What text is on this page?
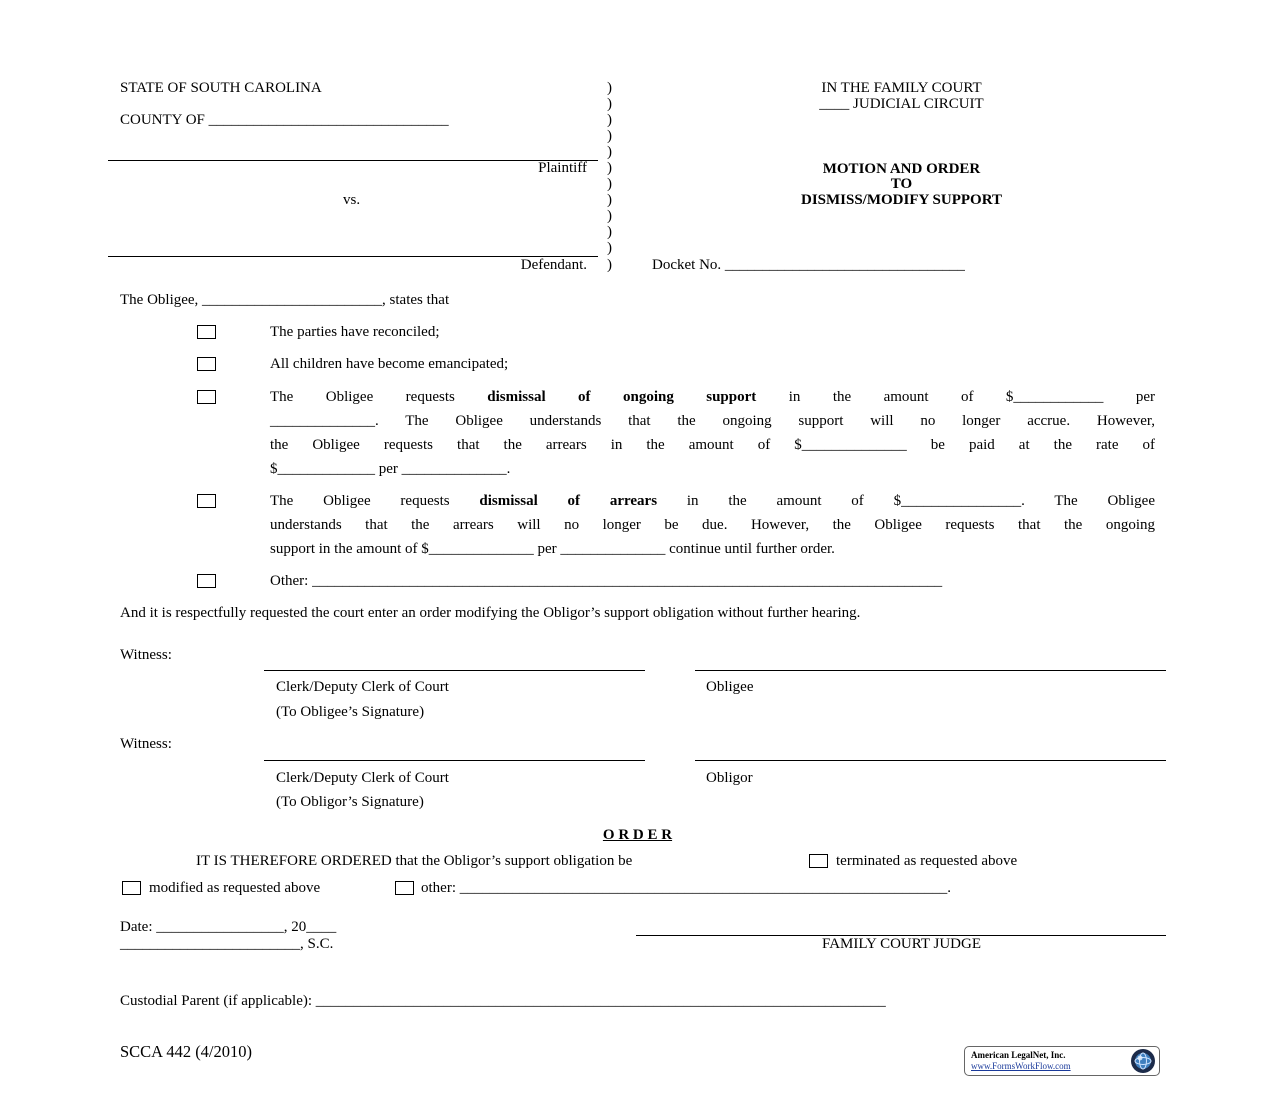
STATE OF SOUTH CAROLINA
COUNTY OF ________________________________
Plaintiff
vs.
Defendant.
)
)
)
)
)
)
)
)
)
)
)
)
IN THE FAMILY COURT
____ JUDICIAL CIRCUIT
MOTION AND ORDER
TO
DISMISS/MODIFY SUPPORT
Docket No. ________________________________
The Obligee, ________________________, states that
The parties have reconciled;
All children have become emancipated;
The Obligee requests dismissal of ongoing support in the amount of $____________ per
______________. The Obligee understands that the ongoing support will no longer accrue. However,
the Obligee requests that the arrears in the amount of $______________ be paid at the rate of
$_____________ per ______________.
The Obligee requests dismissal of arrears in the amount of $________________. The Obligee
understands that the arrears will no longer be due. However, the Obligee requests that the ongoing
support in the amount of $______________ per ______________ continue until further order.
Other: ____________________________________________________________________________________
And it is respectfully requested the court enter an order modifying the Obligor’s support obligation without further hearing.
Witness:
Clerk/Deputy Clerk of Court
(To Obligee’s Signature)
Obligee
Witness:
Clerk/Deputy Clerk of Court
(To Obligor’s Signature)
Obligor
O R D E R
IT IS THEREFORE ORDERED that the Obligor’s support obligation be	terminated as requested above
modified as requested above	other: _________________________________________________________________.
Date: _________________, 20____
________________________, S.C.	FAMILY COURT JUDGE
Custodial Parent (if applicable): ____________________________________________________________________________
SCCA 442 (4/2010)	American LegalNet, Inc.
www.FormsWorkFlow.com
